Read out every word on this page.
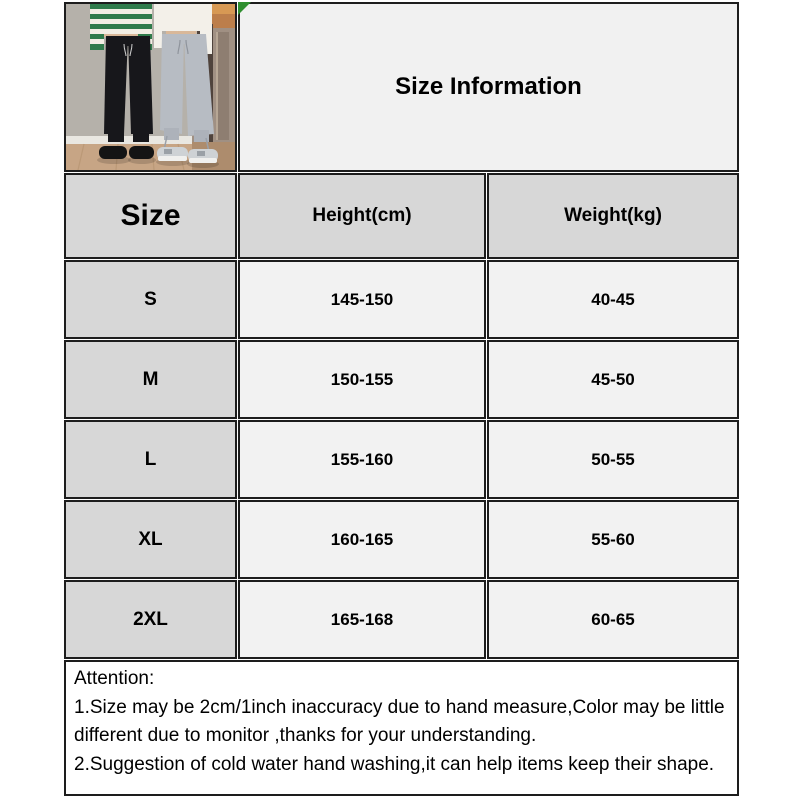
Size Information
Size	Height(cm)	Weight(kg)
S	145-150	40-45
M	150-155	45-50
L	155-160	50-55
XL	160-165	55-60
2XL	165-168	60-65
Attention:
1.Size may be 2cm/1inch inaccuracy due to hand measure,Color may be little
different due to monitor ,thanks for your understanding.
2.Suggestion of cold water hand washing,it can help items keep their shape.
